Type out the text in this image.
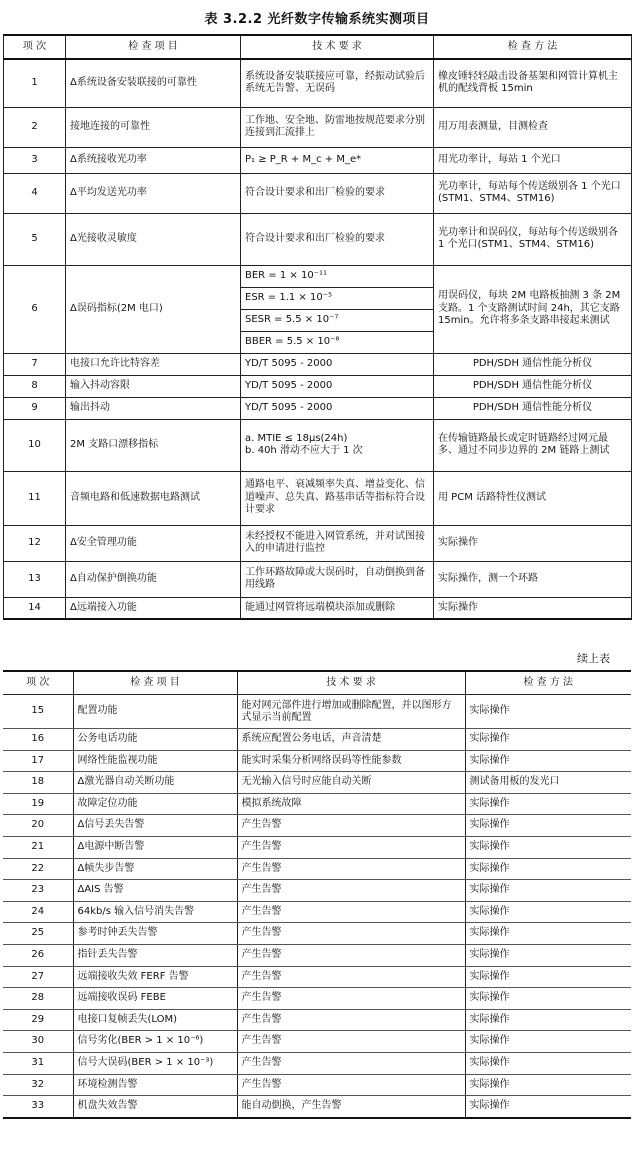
表 3.2.2 光纤数字传输系统实测项目
项 次	检 查 项 目	技 术 要 求	检 查 方 法
1	Δ系统设备安装联接的可靠性	系统设备安装联接应可靠，经振动试验后系统无告警、无误码	橡皮锤轻轻敲击设备基架和网管计算机主机的配线背板 15min
2	接地连接的可靠性	工作地、安全地、防雷地按规范要求分别连接到汇流排上	用万用表测量，目测检查
3	Δ系统接收光功率	P₁ ≥ P_R + M_c + M_e*	用光功率计，每站 1 个光口
4	Δ平均发送光功率	符合设计要求和出厂检验的要求	光功率计，每站每个传送级别各 1 个光口(STM1、STM4、STM16)
5	Δ光接收灵敏度	符合设计要求和出厂检验的要求	光功率计和误码仪，每站每个传送级别各 1 个光口(STM1、STM4、STM16)
6	Δ误码指标(2M 电口)	BER = 1 × 10⁻¹¹	用误码仪，每块 2M 电路板抽测 3 条 2M 支路。1 个支路测试时间 24h，其它支路 15min。允许将多条支路串接起来测试
		ESR = 1.1 × 10⁻⁵	
		SESR = 5.5 × 10⁻⁷	
		BBER = 5.5 × 10⁻⁸	
7	电接口允许比特容差	YD/T 5095 - 2000	PDH/SDH 通信性能分析仪
8	输入抖动容限	YD/T 5095 - 2000	PDH/SDH 通信性能分析仪
9	输出抖动	YD/T 5095 - 2000	PDH/SDH 通信性能分析仪
10	2M 支路口漂移指标	a. MTIE ≤ 18μs(24h)
b. 40h 滑动不应大于 1 次	在传输链路最长或定时链路经过网元最多、通过不同步边界的 2M 链路上测试
11	音频电路和低速数据电路测试	通路电平、衰减频率失真、增益变化、信道噪声、总失真、路基串话等指标符合设计要求	用 PCM 话路特性仪测试
12	Δ安全管理功能	未经授权不能进入网管系统，并对试图接入的申请进行监控	实际操作
13	Δ自动保护倒换功能	工作环路故障或大误码时，自动倒换到备用线路	实际操作，测一个环路
14	Δ远端接入功能	能通过网管将远端模块添加或删除	实际操作
续上表
项 次	检 查 项 目	技 术 要 求	检 查 方 法
15	配置功能	能对网元部件进行增加或删除配置，并以图形方式显示当前配置	实际操作
16	公务电话功能	系统应配置公务电话，声音清楚	实际操作
17	网络性能监视功能	能实时采集分析网络误码等性能参数	实际操作
18	Δ激光器自动关断功能	无光输入信号时应能自动关断	测试备用板的发光口
19	故障定位功能	模拟系统故障	实际操作
20	Δ信号丢失告警	产生告警	实际操作
21	Δ电源中断告警	产生告警	实际操作
22	Δ帧失步告警	产生告警	实际操作
23	ΔAIS 告警	产生告警	实际操作
24	64kb/s 输入信号消失告警	产生告警	实际操作
25	参考时钟丢失告警	产生告警	实际操作
26	指针丢失告警	产生告警	实际操作
27	远端接收失效 FERF 告警	产生告警	实际操作
28	远端接收误码 FEBE	产生告警	实际操作
29	电接口复帧丢失(LOM)	产生告警	实际操作
30	信号劣化(BER > 1 × 10⁻⁶)	产生告警	实际操作
31	信号大误码(BER > 1 × 10⁻³)	产生告警	实际操作
32	环境检测告警	产生告警	实际操作
33	机盘失效告警	能自动倒换，产生告警	实际操作
